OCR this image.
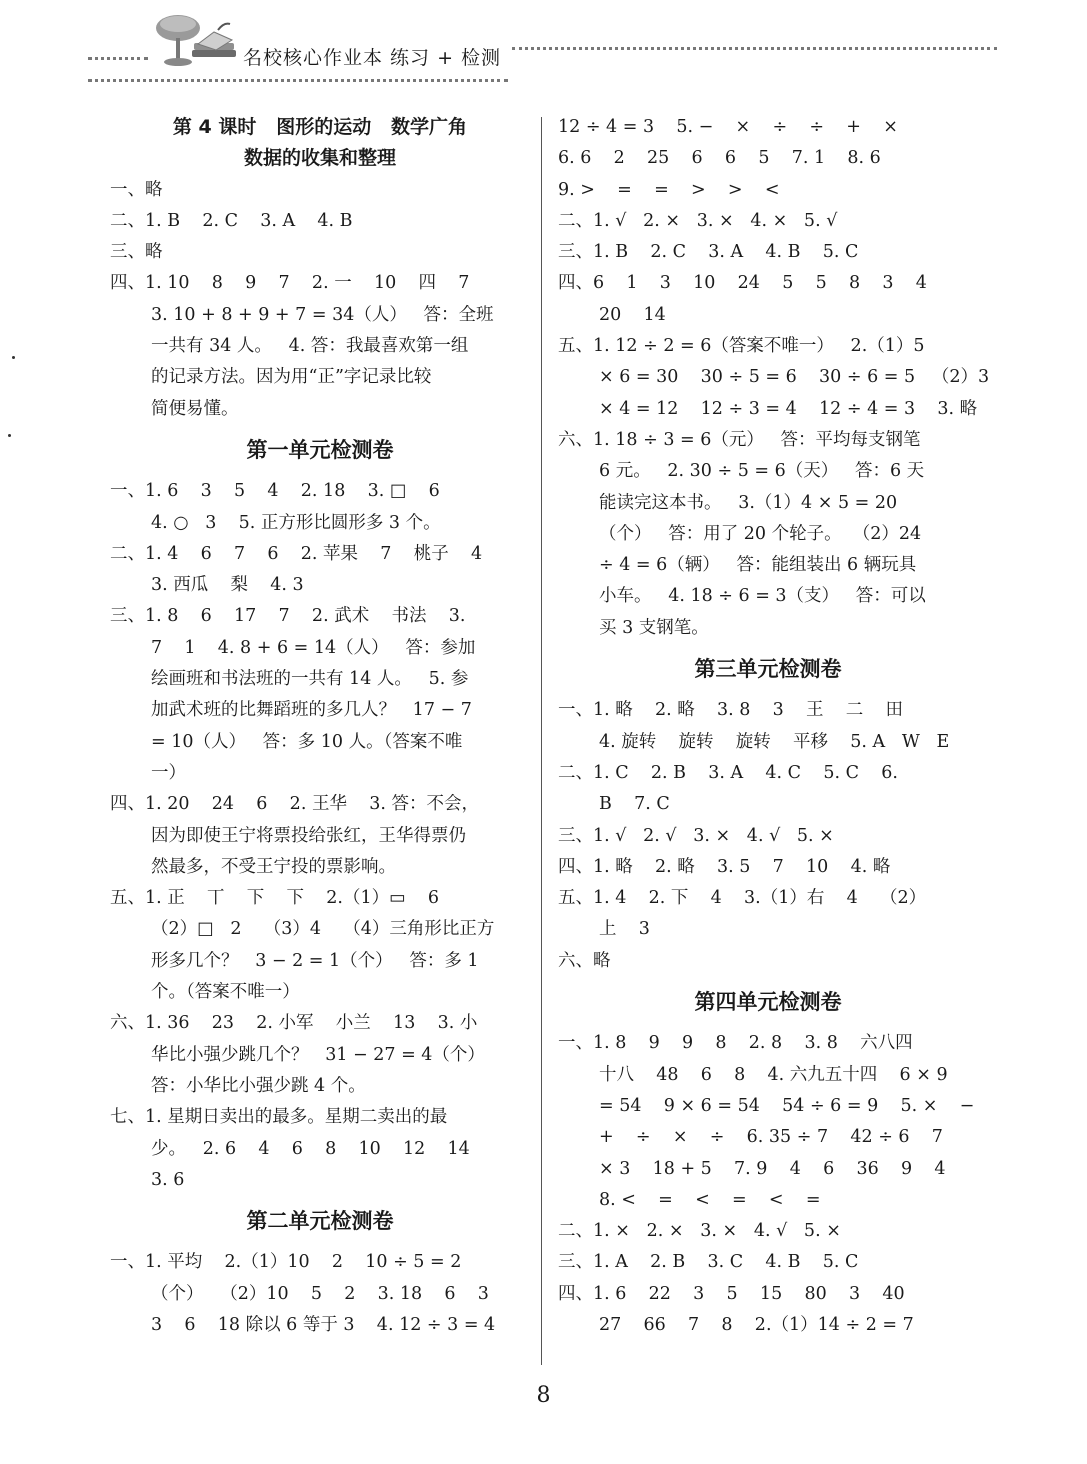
名校核心作业本 练习 + 检测
第 4 课时   图形的运动   数学广角
数据的收集和整理
一、略
二、1. B    2. C    3. A    4. B
三、略
四、1. 10    8    9    7    2. 一    10    四    7
3. 10 + 8 + 9 + 7 = 34（人）   答：全班
一共有 34 人。   4. 答：我最喜欢第一组
的记录方法。因为用“正”字记录比较
简便易懂。
第一单元检测卷
一、1. 6    3    5    4    2. 18    3. □    6
4. ○   3    5. 正方形比圆形多 3 个。
二、1. 4    6    7    6    2. 苹果    7    桃子    4
3. 西瓜    梨    4. 3
三、1. 8    6    17    7    2. 武术    书法    3.
7    1    4. 8 + 6 = 14（人）   答：参加
绘画班和书法班的一共有 14 人。   5. 参
加武术班的比舞蹈班的多几人？   17 − 7
= 10（人）   答：多 10 人。（答案不唯
一）
四、1. 20    24    6    2. 王华    3. 答：不会，
因为即使王宁将票投给张红，王华得票仍
然最多，不受王宁投的票影响。
五、1. 正    丅    下    下    2.（1）▭    6
（2）□   2    （3）4    （4）三角形比正方
形多几个？   3 − 2 = 1（个）   答：多 1
个。（答案不唯一）
六、1. 36    23    2. 小军    小兰    13    3. 小
华比小强少跳几个？   31 − 27 = 4（个）
答：小华比小强少跳 4 个。
七、1. 星期日卖出的最多。星期二卖出的最
少。   2. 6    4    6    8    10    12    14
3. 6
第二单元检测卷
一、1. 平均    2.（1）10    2    10 ÷ 5 = 2
（个）   （2）10    5    2    3. 18    6    3
3    6    18 除以 6 等于 3    4. 12 ÷ 3 = 4
12 ÷ 4 = 3    5. −    ×    ÷    ÷    +    ×
6. 6    2    25    6    6    5    7. 1    8. 6
9. >    =    =    >    >    <
二、1. √   2. ×   3. ×   4. ×   5. √
三、1. B    2. C    3. A    4. B    5. C
四、6    1    3    10    24    5    5    8    3    4
20    14
五、1. 12 ÷ 2 = 6（答案不唯一）   2.（1）5
× 6 = 30    30 ÷ 5 = 6    30 ÷ 6 = 5   （2）3
× 4 = 12    12 ÷ 3 = 4    12 ÷ 4 = 3    3. 略
六、1. 18 ÷ 3 = 6（元）   答：平均每支钢笔
6 元。   2. 30 ÷ 5 = 6（天）   答：6 天
能读完这本书。   3.（1）4 × 5 = 20
（个）   答：用了 20 个轮子。  （2）24
÷ 4 = 6（辆）   答：能组装出 6 辆玩具
小车。   4. 18 ÷ 6 = 3（支）   答：可以
买 3 支钢笔。
第三单元检测卷
一、1. 略    2. 略    3. 8    3    王    二    田
4. 旋转    旋转    旋转    平移    5. A   W   E
二、1. C    2. B    3. A    4. C    5. C    6.
B    7. C
三、1. √   2. √   3. ×   4. √   5. ×
四、1. 略    2. 略    3. 5    7    10    4. 略
五、1. 4    2. 下    4    3.（1）右    4    （2）
上    3
六、略
第四单元检测卷
一、1. 8    9    9    8    2. 8    3. 8    六八四
十八    48    6    8    4. 六九五十四    6 × 9
= 54    9 × 6 = 54    54 ÷ 6 = 9    5. ×    −
+    ÷    ×    ÷    6. 35 ÷ 7    42 ÷ 6    7
× 3    18 + 5    7. 9    4    6    36    9    4
8. <    =    <    =    <    =
二、1. ×   2. ×   3. ×   4. √   5. ×
三、1. A    2. B    3. C    4. B    5. C
四、1. 6    22    3    5    15    80    3    40
27    66    7    8    2.（1）14 ÷ 2 = 7
8
